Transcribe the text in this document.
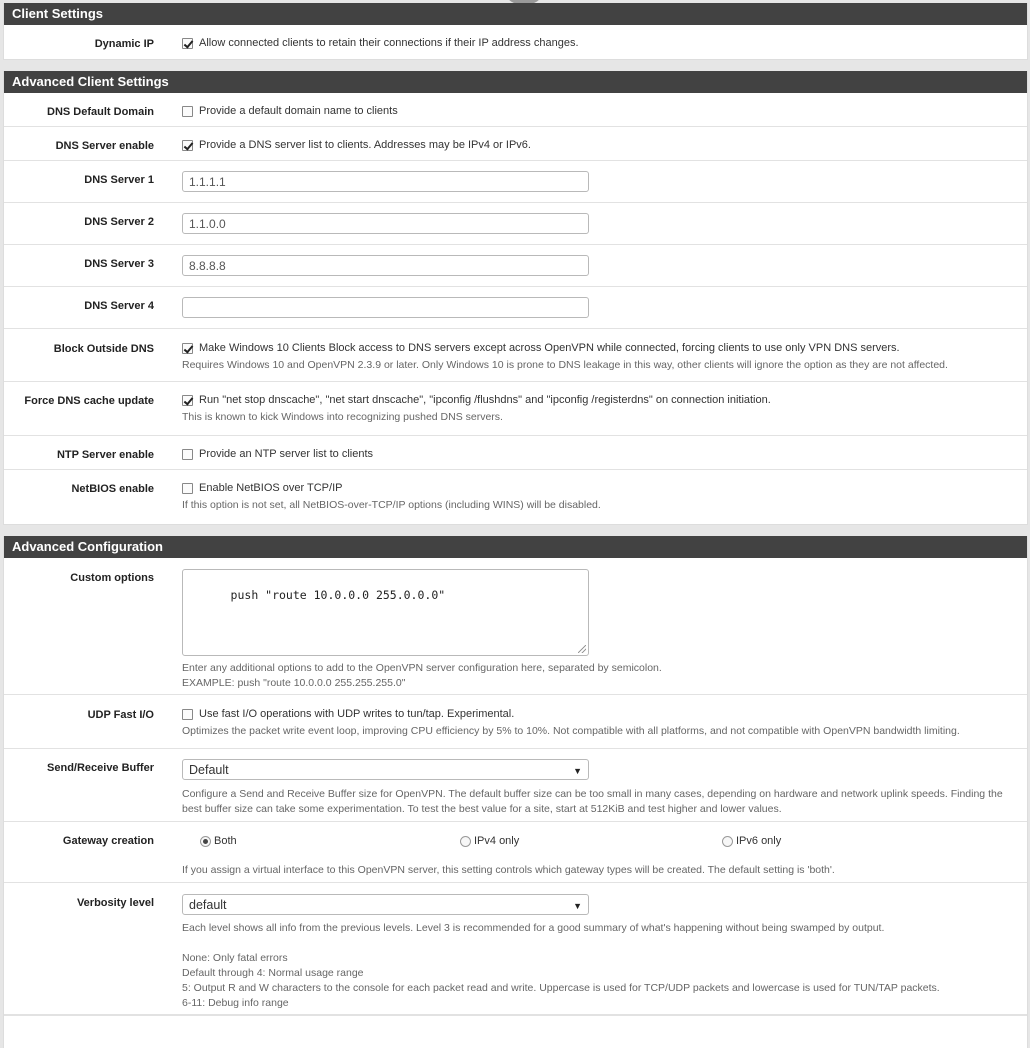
Client Settings
Dynamic IP	Allow connected clients to retain their connections if their IP address changes.
Advanced Client Settings
DNS Default Domain	Provide a default domain name to clients
DNS Server enable	Provide a DNS server list to clients. Addresses may be IPv4 or IPv6.
DNS Server 1	1.1.1.1
DNS Server 2	1.1.0.0
DNS Server 3	8.8.8.8
DNS Server 4
Block Outside DNS	Make Windows 10 Clients Block access to DNS servers except across OpenVPN while connected, forcing clients to use only VPN DNS servers.
Requires Windows 10 and OpenVPN 2.3.9 or later. Only Windows 10 is prone to DNS leakage in this way, other clients will ignore the option as they are not affected.
Force DNS cache update	Run "net stop dnscache", "net start dnscache", "ipconfig /flushdns" and "ipconfig /registerdns" on connection initiation.
This is known to kick Windows into recognizing pushed DNS servers.
NTP Server enable	Provide an NTP server list to clients
NetBIOS enable	Enable NetBIOS over TCP/IP
If this option is not set, all NetBIOS-over-TCP/IP options (including WINS) will be disabled.
Advanced Configuration
Custom options

push "route 10.0.0.0 255.0.0.0"

Enter any additional options to add to the OpenVPN server configuration here, separated by semicolon.
EXAMPLE: push "route 10.0.0.0 255.255.255.0"
UDP Fast I/O	Use fast I/O operations with UDP writes to tun/tap. Experimental.
Optimizes the packet write event loop, improving CPU efficiency by 5% to 10%. Not compatible with all platforms, and not compatible with OpenVPN bandwidth limiting.
Send/Receive Buffer	Default	▼
Configure a Send and Receive Buffer size for OpenVPN. The default buffer size can be too small in many cases, depending on hardware and network uplink speeds. Finding the
best buffer size can take some experimentation. To test the best value for a site, start at 512KiB and test higher and lower values.
Gateway creation	Both	IPv4 only	IPv6 only
If you assign a virtual interface to this OpenVPN server, this setting controls which gateway types will be created. The default setting is 'both'.
Verbosity level	default	▼
Each level shows all info from the previous levels. Level 3 is recommended for a good summary of what's happening without being swamped by output.
None: Only fatal errors
Default through 4: Normal usage range
5: Output R and W characters to the console for each packet read and write. Uppercase is used for TCP/UDP packets and lowercase is used for TUN/TAP packets.
6-11: Debug info range
